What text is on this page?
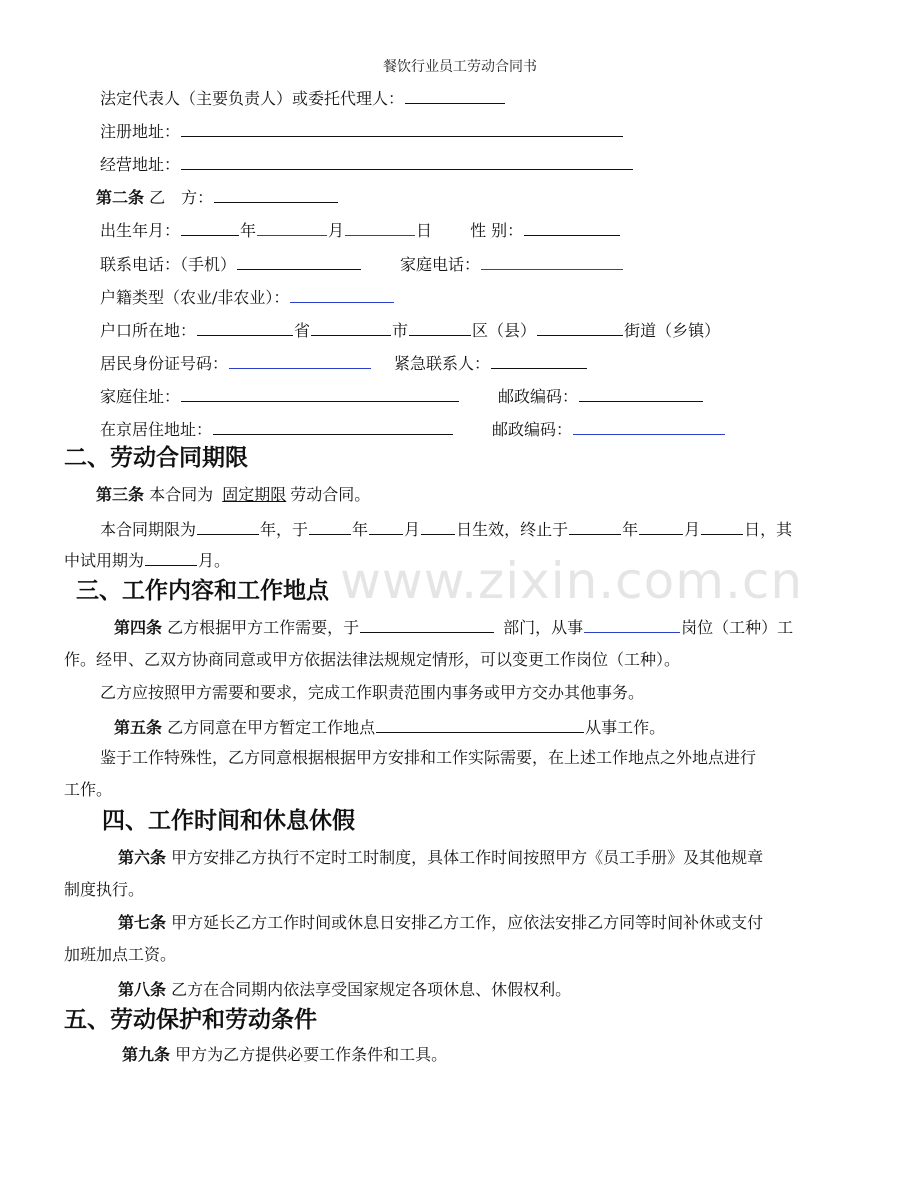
餐饮行业员工劳动合同书
法定代表人（主要负责人）或委托代理人：
注册地址：
经营地址：
第二条 乙　方：
出生年月：	年	月	日 性 别：
联系电话：（手机）	家庭电话：
户籍类型（农业/非农业）：
户口所在地：	省	市	区（县）	街道（乡镇）
居民身份证号码：	紧急联系人：
家庭住址：	邮政编码：
在京居住地址：	邮政编码：
二、劳动合同期限
第三条 本合同为 固定期限 劳动合同。
本合同期限为	年，于	年 月 日生效，终止于	年	月	日，其
中试用期为	月。 www.zixin.com.cn
三、工作内容和工作地点
第四条 乙方根据甲方工作需要，于	部门，从事	岗位（工种）工
作。经甲、乙双方协商同意或甲方依据法律法规规定情形，可以变更工作岗位（工种）。
乙方应按照甲方需要和要求，完成工作职责范围内事务或甲方交办其他事务。
第五条 乙方同意在甲方暂定工作地点	从事工作。
鉴于工作特殊性，乙方同意根据根据甲方安排和工作实际需要，在上述工作地点之外地点进行
工作。
四、工作时间和休息休假
第六条 甲方安排乙方执行不定时工时制度，具体工作时间按照甲方《员工手册》及其他规章
制度执行。
第七条 甲方延长乙方工作时间或休息日安排乙方工作，应依法安排乙方同等时间补休或支付
加班加点工资。
第八条 乙方在合同期内依法享受国家规定各项休息、休假权利。
五、劳动保护和劳动条件
第九条 甲方为乙方提供必要工作条件和工具。
